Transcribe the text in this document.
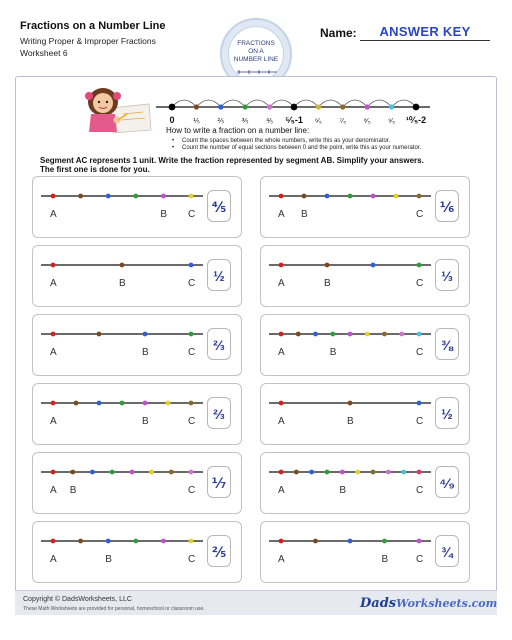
Fractions on a Number Line
Writing Proper & Improper Fractions
Worksheet 6
FRACTIONS
ON A
NUMBER LINE
Name:	ANSWER KEY
0	⅕	⅖	⅗	⅘ ⁵⁄₅-1 ⁶⁄₅	⁷⁄₅	⁸⁄₅ ⁹⁄₅ ¹⁰⁄₅-2
How to write a fraction on a number line:
• Count the spaces between the whole numbers, write this as your denominator.
• Count the number of equal sections between 0 and the point, write this as your numerator.
Segment AC represents 1 unit. Write the fraction represented by segment AB. Simplify your answers.
The first one is done for you.
A	B C	⅘	A B	C	⅙
A	B	C	½	A	B	C	⅓
A	B	C	⅔	A	B	C	⅜
A	B	C	⅔	A	B	C	½
A B	C	⅐	A	B	C	⁴⁄₉
A	B	C	⅖	A	B	C	¾
Copyright © DadsWorksheets, LLC
These Math Worksheets are provided for personal, homeschool or classroom use.	DadsWorksheets.com
